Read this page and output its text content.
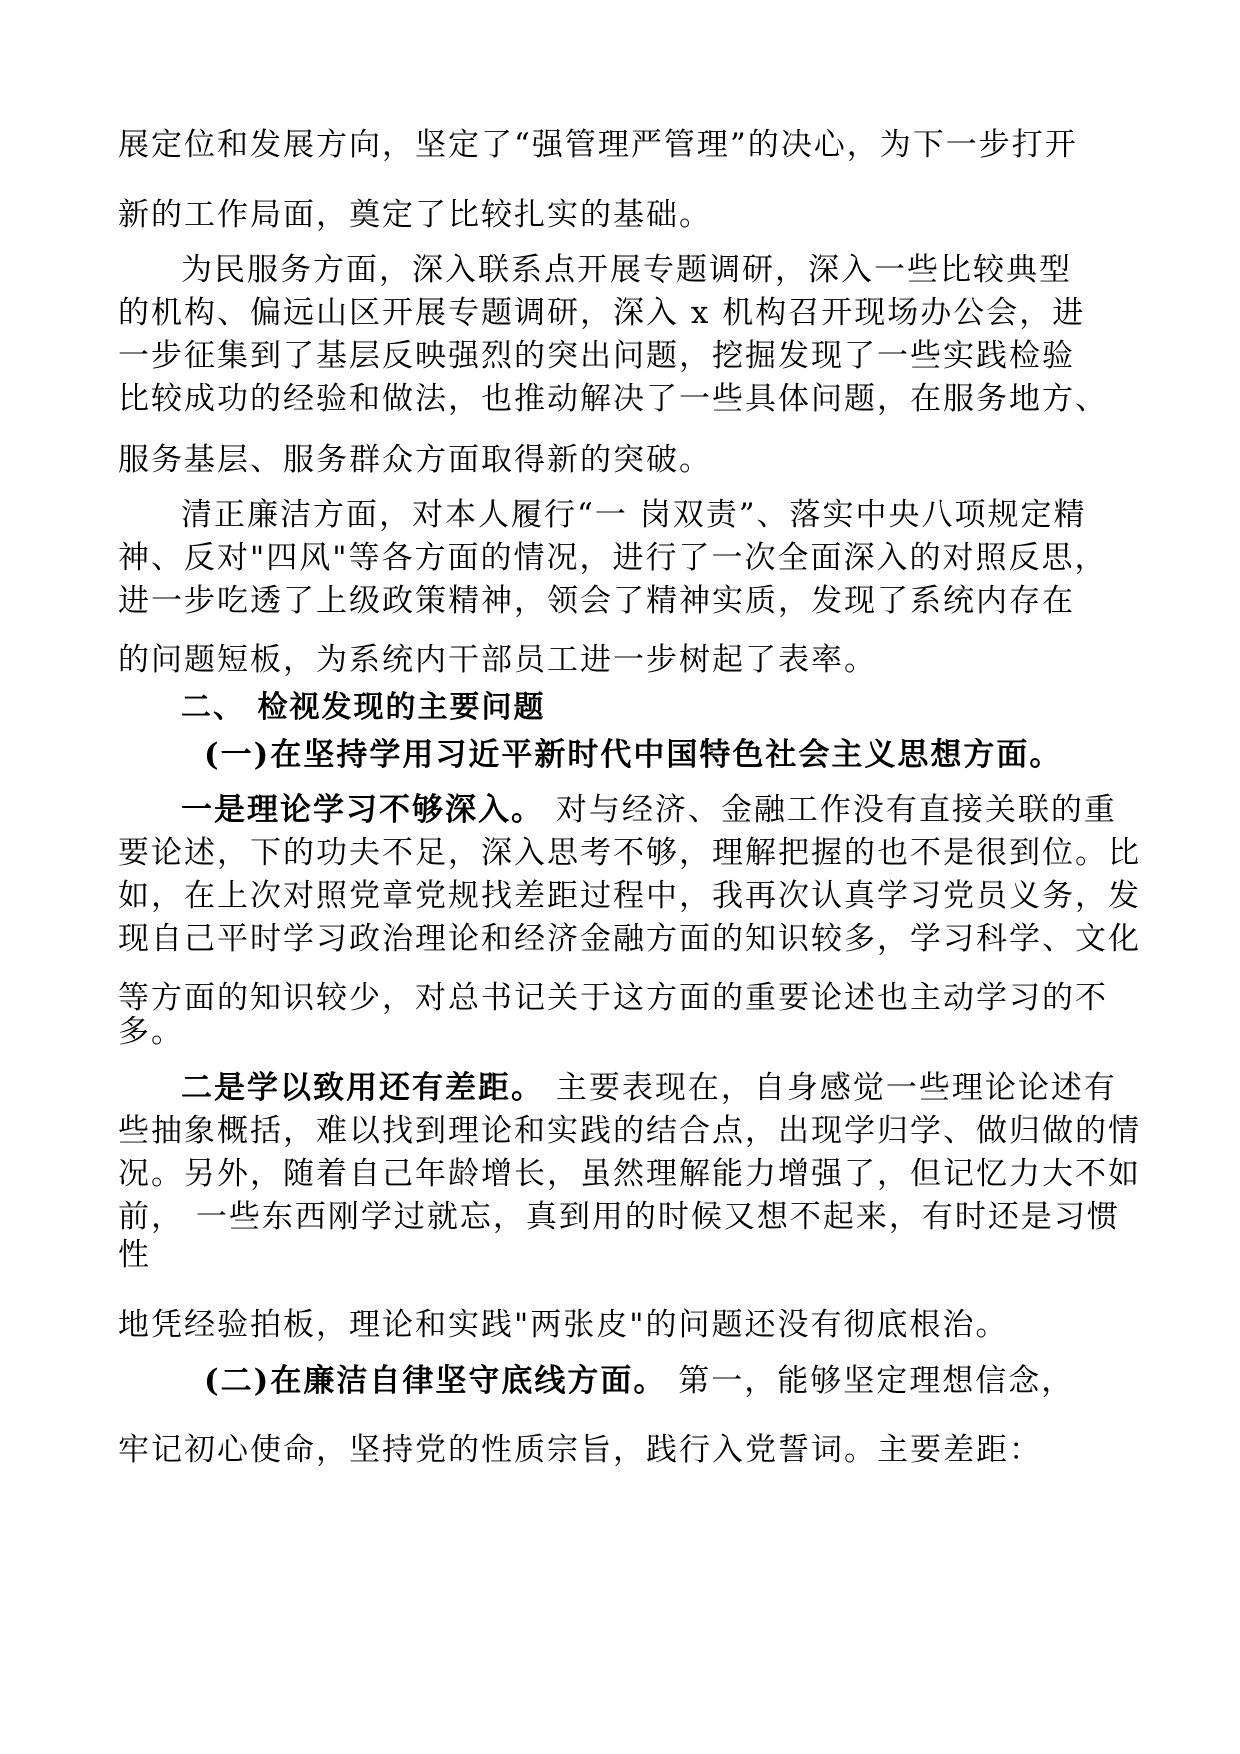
展定位和发展方向，坚定了“强管理严管理”的决心，为下一步打开
新的工作局面，奠定了比较扎实的基础。
为民服务方面，深入联系点开展专题调研，深入一些比较典型
的机构、偏远山区开展专题调研，深入 x 机构召开现场办公会，进
一步征集到了基层反映强烈的突出问题，挖掘发现了一些实践检验
比较成功的经验和做法，也推动解决了一些具体问题，在服务地方、
服务基层、服务群众方面取得新的突破。
清正廉洁方面，对本人履行“一 岗双责”、落实中央八项规定精
神、反对"四风"等各方面的情况，进行了一次全面深入的对照反思，
进一步吃透了上级政策精神，领会了精神实质，发现了系统内存在
的问题短板，为系统内干部员工进一步树起了表率。
二、 检视发现的主要问题
(一)在坚持学用习近平新时代中国特色社会主义思想方面。
一是理论学习不够深入。 对与经济、金融工作没有直接关联的重
要论述，下的功夫不足，深入思考不够，理解把握的也不是很到位。比
如，在上次对照党章党规找差距过程中，我再次认真学习党员义务，发
现自己平时学习政治理论和经济金融方面的知识较多，学习科学、文化
等方面的知识较少，对总书记关于这方面的重要论述也主动学习的不
多。
二是学以致用还有差距。 主要表现在，自身感觉一些理论论述有
些抽象概括，难以找到理论和实践的结合点，出现学归学、做归做的情
况。另外，随着自己年龄增长，虽然理解能力增强了，但记忆力大不如
前， 一些东西刚学过就忘，真到用的时候又想不起来，有时还是习惯
性
地凭经验拍板，理论和实践"两张皮"的问题还没有彻底根治。
(二)在廉洁自律坚守底线方面。 第一，能够坚定理想信念，
牢记初心使命，坚持党的性质宗旨，践行入党誓词。主要差距：
